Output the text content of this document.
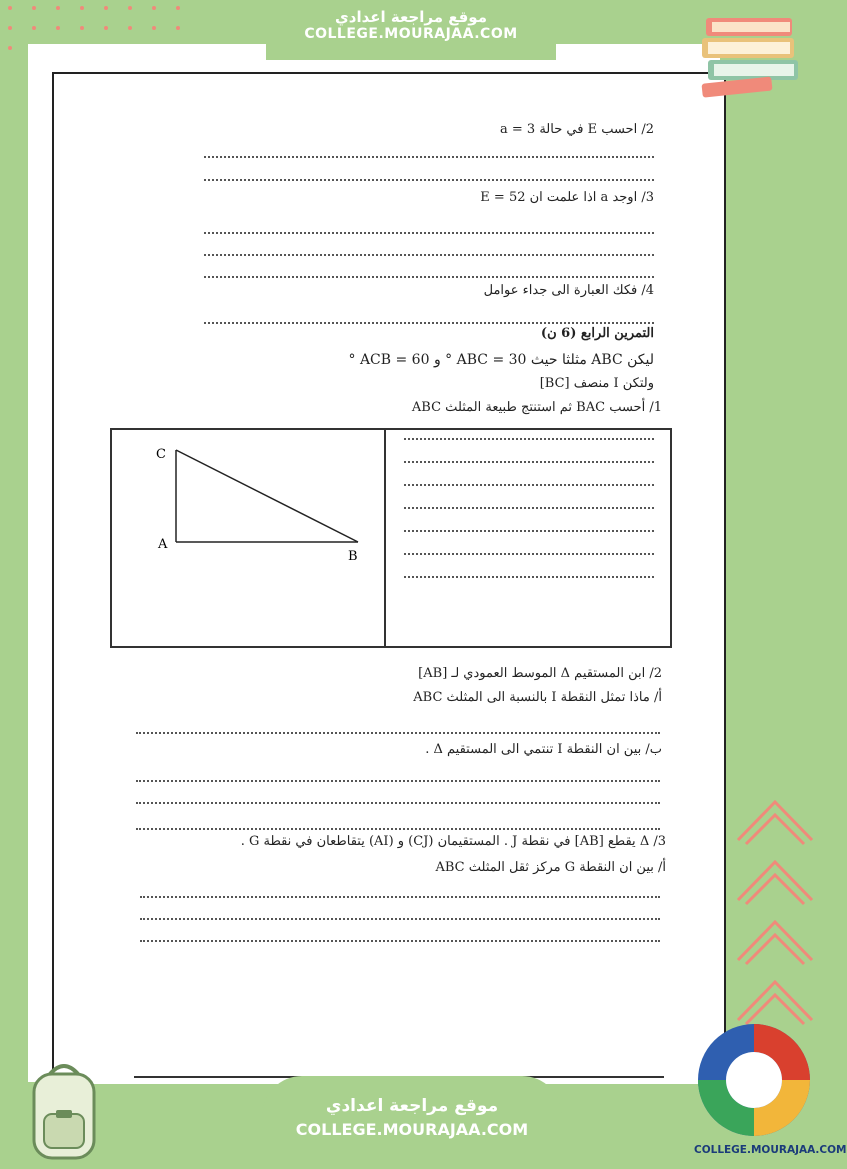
2/ احسب E في حالة a = 3
3/ اوجد a اذا علمت ان E = 52
4/ فكك العبارة الى جداء عوامل
التمرين الرابع (6 ن)
ليكن ABC مثلثا حيث ABC = 30 ° و ACB = 60 °
ولتكن I منصف [BC]
1/ أحسب BAC ثم استنتج طبيعة المثلث ABC
C
A
B
2/ ابن المستقيم Δ الموسط العمودي لـ [AB]
أ/ ماذا تمثل النقطة I بالنسبة الى المثلث ABC
ب/ بين ان النقطة I تنتمي الى المستقيم Δ .
3/ Δ يقطع [AB] في نقطة J . المستقيمان (CJ) و (AI) يتقاطعان في نقطة G .
أ/ بين ان النقطة G مركز ثقل المثلث ABC
موقع مراجعة اعدادي
COLLEGE.MOURAJAA.COM
موقع مراجعة اعدادي
COLLEGE.MOURAJAA.COM
COLLEGE.MOURAJAA.COM
